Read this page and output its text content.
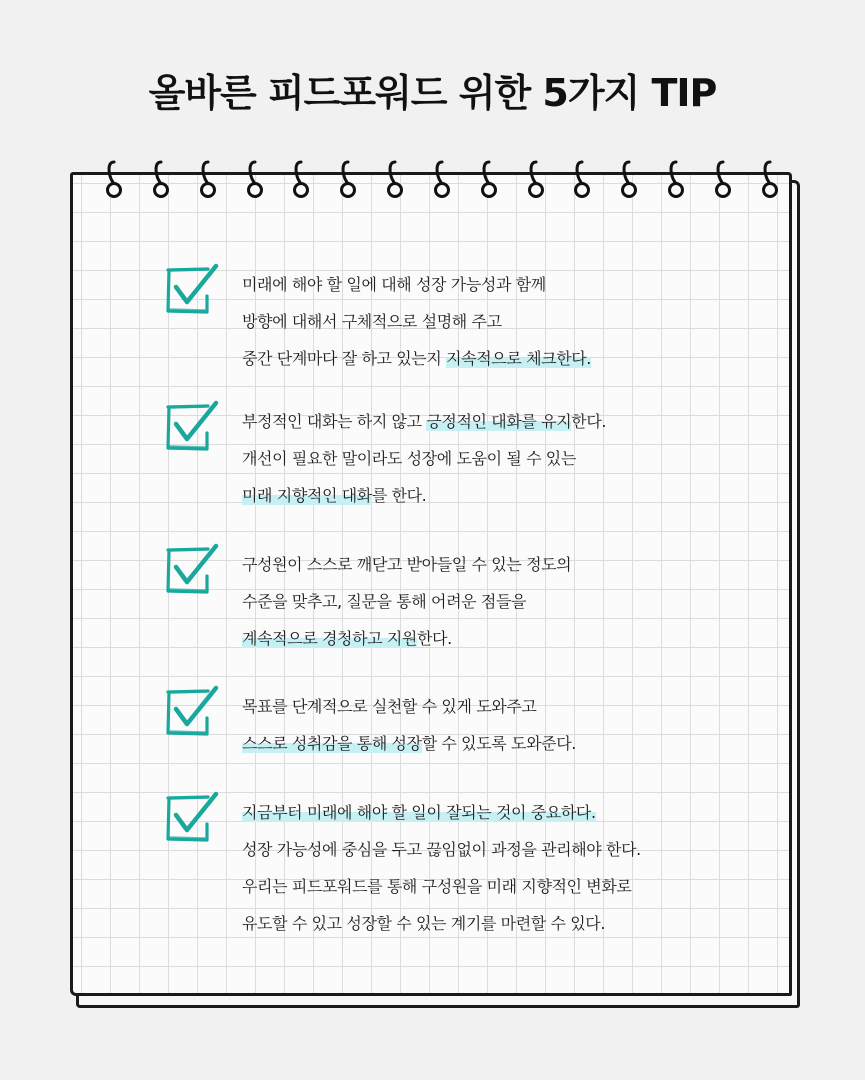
올바른 피드포워드 위한 5가지 TIP
미래에 해야 할 일에 대해 성장 가능성과 함께
방향에 대해서 구체적으로 설명해 주고
중간 단계마다 잘 하고 있는지 지속적으로 체크한다.
부정적인 대화는 하지 않고 긍정적인 대화를 유지한다.
개선이 필요한 말이라도 성장에 도움이 될 수 있는
미래 지향적인 대화를 한다.
구성원이 스스로 깨닫고 받아들일 수 있는 정도의
수준을 맞추고, 질문을 통해 어려운 점들을
계속적으로 경청하고 지원한다.
목표를 단계적으로 실천할 수 있게 도와주고
스스로 성취감을 통해 성장할 수 있도록 도와준다.
지금부터 미래에 해야 할 일이 잘되는 것이 중요하다.
성장 가능성에 중심을 두고 끊임없이 과정을 관리해야 한다.
우리는 피드포워드를 통해 구성원을 미래 지향적인 변화로
유도할 수 있고 성장할 수 있는 계기를 마련할 수 있다.
